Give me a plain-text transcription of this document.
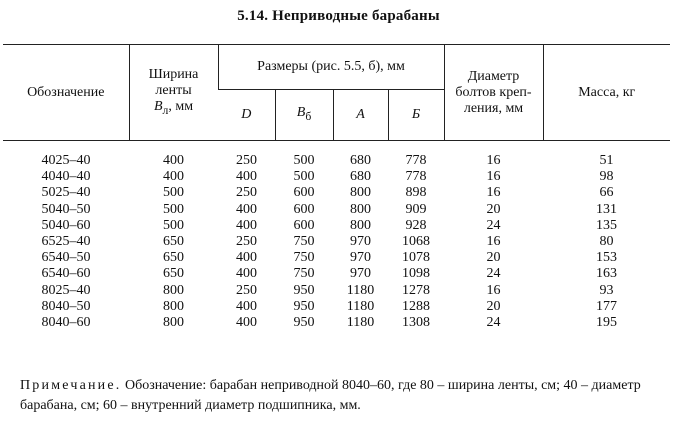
5.14. Неприводные барабаны
Обозначение	Ширина
ленты
$B_л$, мм	Размеры (рис. 5.5, б), мм				Диаметр
болтов креп-
ления, мм	Масса, кг
		D	$B_б$	A	Б		

4025–40	400	250	500	680	778	16	51
4040–40	400	400	500	680	778	16	98
5025–40	500	250	600	800	898	16	66
5040–50	500	400	600	800	909	20	131
5040–60	500	400	600	800	928	24	135
6525–40	650	250	750	970	1068	16	80
6540–50	650	400	750	970	1078	20	153
6540–60	650	400	750	970	1098	24	163
8025–40	800	250	950	1180	1278	16	93
8040–50	800	400	950	1180	1288	20	177
8040–60	800	400	950	1180	1308	24	195
Примечание. Обозначение: барабан неприводной 8040–60, где 80 – ширина ленты, см; 40 – диаметр барабана, см; 60 – внутренний диаметр подшипника, мм.
